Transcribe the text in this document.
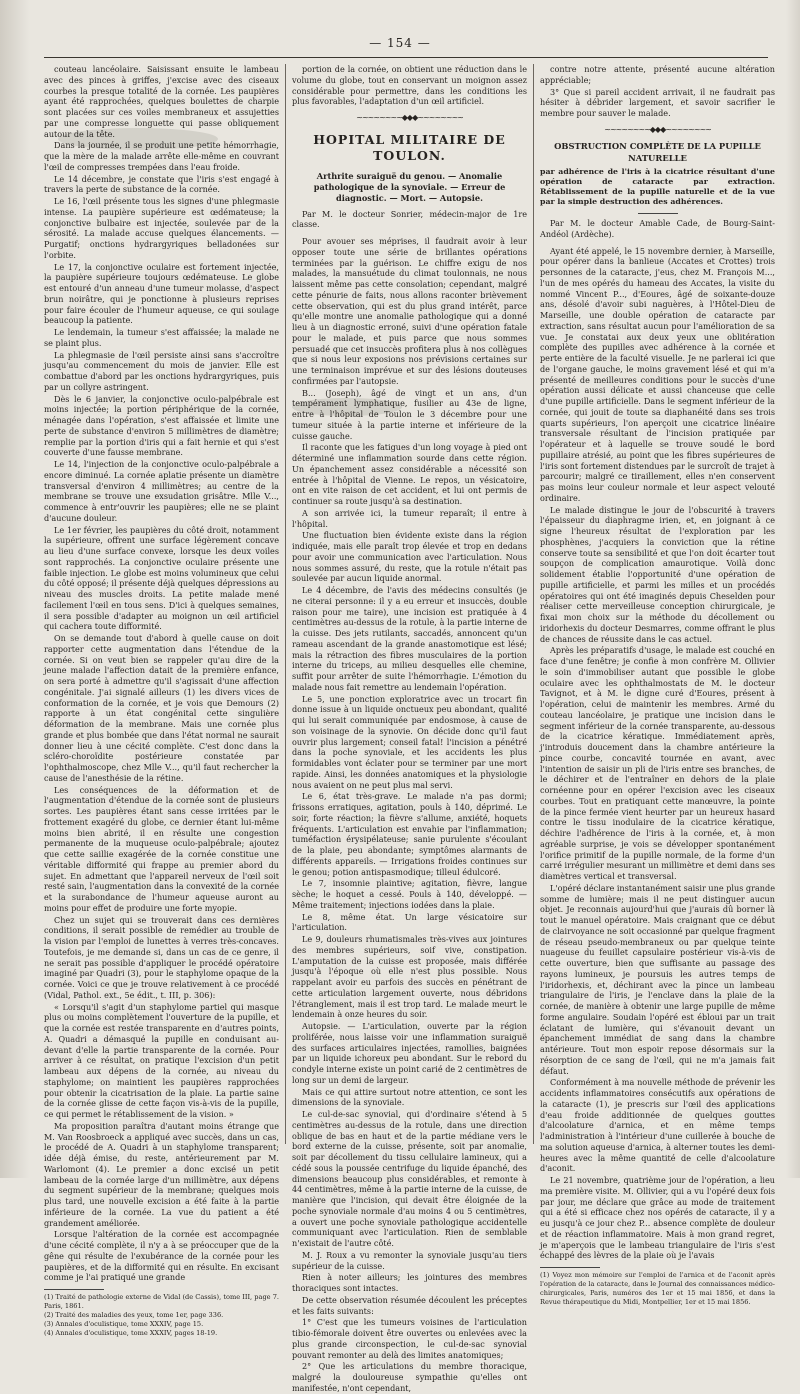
— 154 —

couteau lancéolaire. Saisissant ensuite le lambeau avec des pinces à griffes, j'excise avec des ciseaux courbes la presque totalité de la cornée. Les paupières ayant été rapprochées, quelques boulettes de charpie sont placées sur ces voiles membraneux et assujetties par une compresse longuette qui passe obliquement autour de la tête.

Dans la journée, il se produit une petite hémorrhagie, que la mère de la malade arrête elle-même en couvrant l'œil de compresses trempées dans l'eau froide.

Le 14 décembre, je constate que l'iris s'est engagé à travers la perte de substance de la cornée.

Le 16, l'œil présente tous les signes d'une phlegmasie intense. La paupière supérieure est œdémateuse; la conjonctive bulbaire est injectée, soulevée par de la sérosité. La malade accuse quelques élancements. — Purgatif; onctions hydrargyriques belladonées sur l'orbite.

Le 17, la conjonctive oculaire est fortement injectée, la paupière supérieure toujours œdémateuse. Le globe est entouré d'un anneau d'une tumeur molasse, d'aspect brun noirâtre, qui je ponctionne à plusieurs reprises pour faire écouler de l'humeur aqueuse, ce qui soulage beaucoup la patiente.

Le lendemain, la tumeur s'est affaissée; la malade ne se plaint plus.

La phlegmasie de l'œil persiste ainsi sans s'accroître jusqu'au commencement du mois de janvier. Elle est combattue d'abord par les onctions hydrargyriques, puis par un collyre astringent.

Dès le 6 janvier, la conjonctive oculo-palpébrale est moins injectée; la portion périphérique de la cornée, ménagée dans l'opération, s'est affaissée et limite une perte de substance d'environ 5 millimètres de diamètre; remplie par la portion d'iris qui a fait hernie et qui s'est couverte d'une fausse membrane.

Le 14, l'injection de la conjonctive oculo-palpébrale a encore diminué. La cornée aplatie présente un diamètre transversal d'environ 4 millimètres; au centre de la membrane se trouve une exsudation grisâtre. Mlle V..., commence à entr'ouvrir les paupières; elle ne se plaint d'aucune douleur.

Le 1er février, les paupières du côté droit, notamment la supérieure, offrent une surface légèrement concave au lieu d'une surface convexe, lorsque les deux voiles sont rapprochés. La conjonctive oculaire présente une faible injection. Le globe est moins volumineux que celui du côté opposé; il présente déjà quelques dépressions au niveau des muscles droits. La petite malade mené facilement l'œil en tous sens. D'ici à quelques semaines, il sera possible d'adapter au moignon un œil artificiel qui cachera toute difformité.

On se demande tout d'abord à quelle cause on doit rapporter cette augmentation dans l'étendue de la cornée. Si on veut bien se rappeler qu'au dire de la jeune malade l'affection datait de la première enfance, on sera porté à admettre qu'il s'agissait d'une affection congénitale. J'ai signalé ailleurs (1) les divers vices de conformation de la cornée, et je vois que Demours (2) rapporte à un état congénital cette singulière déformation de la membrane. Mais une cornée plus grande et plus bombée que dans l'état normal ne saurait donner lieu à une cécité complète. C'est donc dans la scléro-choroïdite postérieure constatée par l'ophthalmoscope, chez Mlle V..., qu'il faut rechercher la cause de l'anesthésie de la rétine.

Les conséquences de la déformation et de l'augmentation d'étendue de la cornée sont de plusieurs sortes. Les paupières étant sans cesse irritées par le frottement exagéré du globe, ce dernier étant lui-même moins bien abrité, il en résulte une congestion permanente de la muqueuse oculo-palpébrale; ajoutez que cette saillie exagérée de la cornée constitue une véritable difformité qui frappe au premier abord du sujet. En admettant que l'appareil nerveux de l'œil soit resté sain, l'augmentation dans la convexité de la cornée et la surabondance de l'humeur aqueuse auront au moins pour effet de produire une forte myopie.

Chez un sujet qui se trouverait dans ces dernières conditions, il serait possible de remédier au trouble de la vision par l'emploi de lunettes à verres très-concaves. Toutefois, je me demande si, dans un cas de ce genre, il ne serait pas possible d'appliquer le procédé opératoire imaginé par Quadri (3), pour le staphylome opaque de la cornée. Voici ce que je trouve relativement à ce procédé (Vidal, Pathol. ext., 5e édit., t. III, p. 306):

« Lorsqu'il s'agit d'un staphylome partiel qui masque plus ou moins complètement l'ouverture de la pupille, et que la cornée est restée transparente en d'autres points, A. Quadri a démasqué la pupille en conduisant au-devant d'elle la partie transparente de la cornée. Pour arriver à ce résultat, on pratique l'excision d'un petit lambeau aux dépens de la cornée, au niveau du staphylome; on maintient les paupières rapprochées pour obtenir la cicatrisation de la plaie. La partie saine de la cornée glisse de cette façon vis-à-vis de la pupille, ce qui permet le rétablissement de la vision. »

Ma proposition paraîtra d'autant moins étrange que M. Van Roosbroeck a appliqué avec succès, dans un cas, le procédé de A. Quadri à un staphylome transparent; idée déjà émise, du reste, antérieurement par M. Warlomont (4). Le premier a donc excisé un petit lambeau de la cornée large d'un millimètre, aux dépens du segment supérieur de la membrane; quelques mois plus tard, une nouvelle excision a été faite à la partie inférieure de la cornée. La vue du patient a été grandement améliorée.

Lorsque l'altération de la cornée est accompagnée d'une cécité complète, il n'y a à se préoccuper que de la gêne qui résulte de l'exubérance de la cornée pour les paupières, et de la difformité qui en résulte. En excisant comme je l'ai pratiqué une grande

(1) Traité de pathologie externe de Vidal (de Cassis), tome III, page 7. Paris, 1861.

(2) Traité des maladies des yeux, tome 1er, page 336.

(3) Annales d'oculistique, tome XXXIV, page 15.

(4) Annales d'oculistique, tome XXXIV, pages 18-19.

portion de la cornée, on obtient une réduction dans le volume du globe, tout en conservant un moignon assez considérable pour permettre, dans les conditions les plus favorables, l'adaptation d'un œil artificiel.

~~~~~~~~◆◆◆~~~~~~~~
HOPITAL MILITAIRE DE TOULON.
Arthrite suraiguë du genou. — Anomalie pathologique de la synoviale. — Erreur de diagnostic. — Mort. — Autopsie.

Par M. le docteur Sonrier, médecin-major de 1re classe.

Pour avouer ses méprises, il faudrait avoir à leur opposer toute une série de brillantes opérations terminées par la guérison. Le chiffre exigu de nos malades, la mansuétude du climat toulonnais, ne nous laissent même pas cette consolation; cependant, malgré cette pénurie de faits, nous allons raconter brièvement cette observation, qui est du plus grand intérêt, parce qu'elle montre une anomalie pathologique qui a donné lieu à un diagnostic erroné, suivi d'une opération fatale pour le malade, et puis parce que nous sommes persuadé que cet insuccès profitera plus à nos collègues que si nous leur exposions nos prévisions certaines sur une terminaison imprévue et sur des lésions douteuses confirmées par l'autopsie.

B... (Joseph), âgé de vingt et un ans, d'un tempérament lymphatique, fusilier au 43e de ligne, entre à l'hôpital de Toulon le 3 décembre pour une tumeur située à la partie interne et inférieure de la cuisse gauche.

Il raconte que les fatigues d'un long voyage à pied ont déterminé une inflammation sourde dans cette région. Un épanchement assez considérable a nécessité son entrée à l'hôpital de Vienne. Le repos, un vésicatoire, ont en vite raison de cet accident, et lui ont permis de continuer sa route jusqu'à sa destination.

A son arrivée ici, la tumeur reparaît; il entre à l'hôpital.

Une fluctuation bien évidente existe dans la région indiquée, mais elle paraît trop élevée et trop en dedans pour avoir une communication avec l'articulation. Nous nous sommes assuré, du reste, que la rotule n'était pas soulevée par aucun liquide anormal.

Le 4 décembre, de l'avis des médecins consultés (je ne citerai personne: il y a eu erreur et insuccès, double raison pour me taire), une incision est pratiquée à 4 centimètres au-dessus de la rotule, à la partie interne de la cuisse. Des jets rutilants, saccadés, annoncent qu'un rameau ascendant de la grande anastomotique est lésé; mais la rétraction des fibres musculaires de la portion interne du triceps, au milieu desquelles elle chemine, suffit pour arrêter de suite l'hémorrhagie. L'émotion du malade nous fait remettre au lendemain l'opération.

Le 5, une ponction exploratrice avec un trocart fin donne issue à un liquide onctueux peu abondant, qualité qui lui serait communiquée par endosmose, à cause de son voisinage de la synovie. On décide donc qu'il faut ouvrir plus largement; conseil fatal! l'incision a pénétré dans la poche synoviale, et les accidents les plus formidables vont éclater pour se terminer par une mort rapide. Ainsi, les données anatomiques et la physiologie nous avaient on ne peut plus mal servi.

Le 6, état très-grave. Le malade n'a pas dormi; frissons erratiques, agitation, pouls à 140, déprimé. Le soir, forte réaction; la fièvre s'allume, anxiété, hoquets fréquents. L'articulation est envahie par l'inflammation; tuméfaction érysipélateuse; sanie purulente s'écoulant de la plaie, peu abondante; symptômes alarmants de différents appareils. — Irrigations froides continues sur le genou; potion antispasmodique; tilleul édulcoré.

Le 7, insomnie plaintive; agitation, fièvre, langue sèche; le hoquet a cessé. Pouls à 140, développé. — Même traitement; injections iodées dans la plaie.

Le 8, même état. Un large vésicatoire sur l'articulation.

Le 9, douleurs rhumatismales très-vives aux jointures des membres supérieurs, soif vive, constipation. L'amputation de la cuisse est proposée, mais différée jusqu'à l'époque où elle n'est plus possible. Nous rappelant avoir eu parfois des succès en pénétrant de cette articulation largement ouverte, nous débridons l'étranglement, mais il est trop tard. Le malade meurt le lendemain à onze heures du soir.

Autopsie. — L'articulation, ouverte par la région proliférée, nous laisse voir une inflammation suraiguë des surfaces articulaires injectées, ramollies, baignées par un liquide ichoreux peu abondant. Sur le rebord du condyle interne existe un point carié de 2 centimètres de long sur un demi de largeur.

Mais ce qui attire surtout notre attention, ce sont les dimensions de la synoviale.

Le cul-de-sac synovial, qui d'ordinaire s'étend à 5 centimètres au-dessus de la rotule, dans une direction oblique de bas en haut et de la partie médiane vers le bord externe de la cuisse, présente, soit par anomalie, soit par décollement du tissu cellulaire lamineux, qui a cédé sous la poussée centrifuge du liquide épanché, des dimensions beaucoup plus considérables, et remonte à 44 centimètres, même à la partie interne de la cuisse, de manière que l'incision, qui devait être éloignée de la poche synoviale normale d'au moins 4 ou 5 centimètres, a ouvert une poche synoviale pathologique accidentelle communiquant avec l'articulation. Rien de semblable n'existait de l'autre côté.

M. J. Roux a vu remonter la synoviale jusqu'au tiers supérieur de la cuisse.

Rien à noter ailleurs; les jointures des membres thoraciques sont intactes.

De cette observation résumée découlent les préceptes et les faits suivants:

1° C'est que les tumeurs voisines de l'articulation tibio-fémorale doivent être ouvertes ou enlevées avec la plus grande circonspection, le cul-de-sac synovial pouvant remonter au delà des limites anatomiques;

2° Que les articulations du membre thoracique, malgré la douloureuse sympathie qu'elles ont manifestée, n'ont cependant,

contre notre attente, présenté aucune altération appréciable;

3° Que si pareil accident arrivait, il ne faudrait pas hésiter à débrider largement, et savoir sacrifier le membre pour sauver le malade.

~~~~~~~~◆◆◆~~~~~~~~
OBSTRUCTION COMPLÈTE DE LA PUPILLE NATURELLE

par adhérence de l'iris à la cicatrice résultant d'une opération de cataracte par extraction. Rétablissement de la pupille naturelle et de la vue par la simple destruction des adhérences.

Par M. le docteur Amable Cade, de Bourg-Saint-Andéol (Ardèche).

Ayant été appelé, le 15 novembre dernier, à Marseille, pour opérer dans la banlieue (Accates et Crottes) trois personnes de la cataracte, j'eus, chez M. François M..., l'un de mes opérés du hameau des Accates, la visite du nommé Vincent P..., d'Eoures, âgé de soixante-douze ans, désolé d'avoir subi naguères, à l'Hôtel-Dieu de Marseille, une double opération de cataracte par extraction, sans résultat aucun pour l'amélioration de sa vue. Je constatai aux deux yeux une oblitération complète des pupilles avec adhérence à la cornée et perte entière de la faculté visuelle. Je ne parlerai ici que de l'organe gauche, le moins gravement lésé et qui m'a présenté de meilleures conditions pour le succès d'une opération aussi délicate et aussi chanceuse que celle d'une pupille artificielle. Dans le segment inférieur de la cornée, qui jouit de toute sa diaphanéité dans ses trois quarts supérieurs, l'on aperçoit une cicatrice linéaire transversale résultant de l'incision pratiquée par l'opérateur et à laquelle se trouve soudé le bord pupillaire atrésié, au point que les fibres supérieures de l'iris sont fortement distendues par le surcroît de trajet à parcourir; malgré ce tiraillement, elles n'en conservent pas moins leur couleur normale et leur aspect velouté ordinaire.

Le malade distingue le jour de l'obscurité à travers l'épaisseur du diaphragme irien, et, en joignant à ce signe l'heureux résultat de l'exploration par les phosphènes, j'acquiers la conviction que la rétine conserve toute sa sensibilité et que l'on doit écarter tout soupçon de complication amaurotique. Voilà donc solidement établie l'opportunité d'une opération de pupille artificielle, et parmi les milles et un procédés opératoires qui ont été imaginés depuis Cheselden pour réaliser cette merveilleuse conception chirurgicale, je fixai mon choix sur la méthode du décollement ou iridorhexis du docteur Desmarres, comme offrant le plus de chances de réussite dans le cas actuel.

Après les préparatifs d'usage, le malade est couché en face d'une fenêtre; je confie à mon confrère M. Ollivier le soin d'immobiliser autant que possible le globe oculaire avec les ophthalmostats de M. le docteur Tavignot, et à M. le digne curé d'Eoures, présent à l'opération, celui de maintenir les membres. Armé du couteau lancéolaire, je pratique une incision dans le segment inférieur de la cornée transparente, au-dessous de la cicatrice kératique. Immédiatement après, j'introduis doucement dans la chambre antérieure la pince courbe, concavité tournée en avant, avec l'intention de saisir un pli de l'iris entre ses branches, de le déchirer et de l'entraîner en dehors de la plaie cornéenne pour en opérer l'excision avec les ciseaux courbes. Tout en pratiquant cette manœuvre, la pointe de la pince fermée vient heurter par un heureux hasard contre le tissu inodulaire de la cicatrice kératique, déchire l'adhérence de l'iris à la cornée, et, à mon agréable surprise, je vois se développer spontanément l'orifice primitif de la pupille normale, de la forme d'un carré irrégulier mesurant un millimètre et demi dans ses diamètres vertical et transversal.

L'opéré déclare instantanément saisir une plus grande somme de lumière; mais il ne peut distinguer aucun objet. Je reconnais aujourd'hui que j'aurais dû borner là tout le manuel opératoire. Mais craignant que ce début de clairvoyance ne soit occasionné par quelque fragment de réseau pseudo-membraneux ou par quelque teinte nuageuse du feuillet capsulaire postérieur vis-à-vis de cette ouverture, bien que suffisante au passage des rayons lumineux, je poursuis les autres temps de l'iridorhexis, et, déchirant avec la pince un lambeau triangulaire de l'iris, je l'enclave dans la plaie de la cornée, de manière à obtenir une large pupille de même forme angulaire. Soudain l'opéré est ébloui par un trait éclatant de lumière, qui s'évanouit devant un épanchement immédiat de sang dans la chambre antérieure. Tout mon espoir repose désormais sur la résorption de ce sang de l'œil, qui ne m'a jamais fait défaut.

Conformément à ma nouvelle méthode de prévenir les accidents inflammatoires consécutifs aux opérations de la cataracte (1), je prescris sur l'œil des applications d'eau froide additionnée de quelques gouttes d'alcoolature d'arnica, et en même temps l'administration à l'intérieur d'une cuillerée à bouche de ma solution aqueuse d'arnica, à alterner toutes les demi-heures avec la même quantité de celle d'alcoolature d'aconit.

Le 21 novembre, quatrième jour de l'opération, a lieu ma première visite. M. Ollivier, qui a vu l'opéré deux fois par jour, me déclare que grâce au mode de traitement qui a été si efficace chez nos opérés de cataracte, il y a eu jusqu'à ce jour chez P... absence complète de douleur et de réaction inflammatoire. Mais à mon grand regret, je m'aperçois que le lambeau triangulaire de l'iris s'est échappé des lèvres de la plaie où je l'avais

(1) Voyez mon mémoire sur l'emploi de l'arnica et de l'aconit après l'opération de la cataracte, dans le Journal des connaissances médico-chirurgicales, Paris, numéros des 1er et 15 mai 1856, et dans la Revue thérapeutique du Midi, Montpellier, 1er et 15 mai 1856.
